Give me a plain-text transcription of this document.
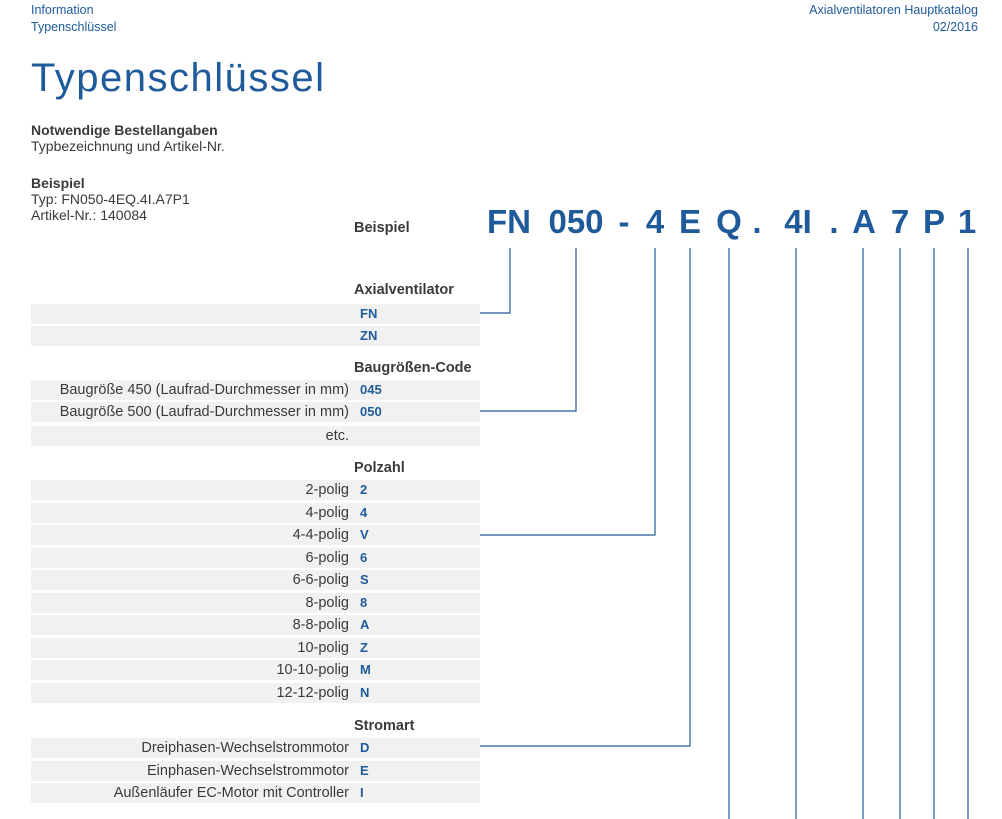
Information
Typenschlüssel
Axialventilatoren Hauptkatalog
02/2016
Typenschlüssel
Notwendige Bestellangaben
Typbezeichnung und Artikel-Nr.
Beispiel
Typ: FN050-4EQ.4I.A7P1
Artikel-Nr.: 140084
Beispiel FN 050 - 4 E Q . 4I . A 7 P 1
Axialventilator
FN
ZN
Baugrößen-Code
Baugröße 450 (Laufrad-Durchmesser in mm) 045
Baugröße 500 (Laufrad-Durchmesser in mm) 050
etc.
Polzahl
2-polig 2
4-polig 4
4-4-polig V
6-polig 6
6-6-polig S
8-polig 8
8-8-polig A
10-polig Z
10-10-polig M
12-12-polig N
Stromart
Dreiphasen-Wechselstrommotor D
Einphasen-Wechselstrommotor E
Außenläufer EC-Motor mit Controller I
